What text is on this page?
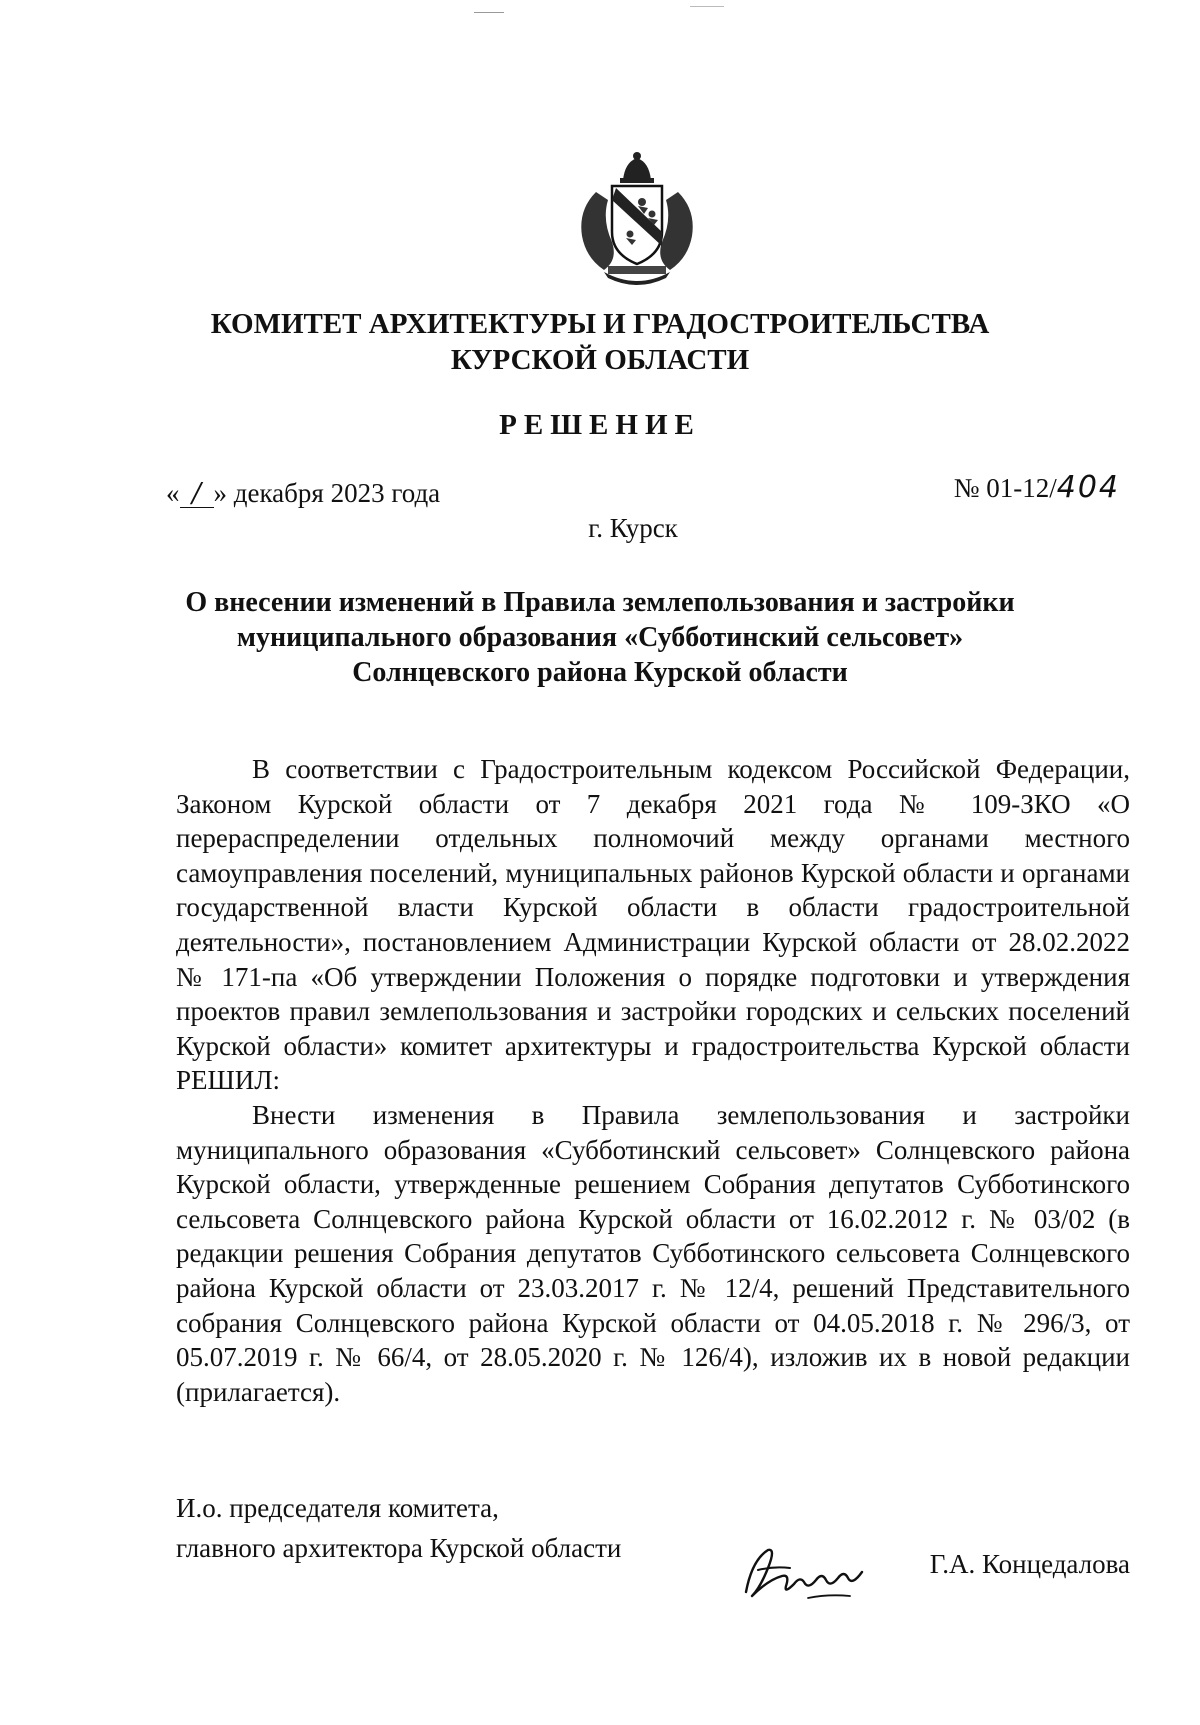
КОМИТЕТ АРХИТЕКТУРЫ И ГРАДОСТРОИТЕЛЬСТВА
КУРСКОЙ ОБЛАСТИ
РЕШЕНИЕ
« / » декабря 2023 года	№ 01-12/404
г. Курск
О внесении изменений в Правила землепользования и застройки
муниципального образования «Субботинский сельсовет»
Солнцевского района Курской области

В соответствии с Градостроительным кодексом Российской Федерации, Законом Курской области от 7 декабря 2021 года № 109-ЗКО «О перераспределении отдельных полномочий между органами местного самоуправления поселений, муниципальных районов Курской области и органами государственной власти Курской области в области градостроительной деятельности», постановлением Администрации Курской области от 28.02.2022 № 171-па «Об утверждении Положения о порядке подготовки и утверждения проектов правил землепользования и застройки городских и сельских поселений Курской области» комитет архитектуры и градостроительства Курской области РЕШИЛ:

Внести изменения в Правила землепользования и застройки муниципального образования «Субботинский сельсовет» Солнцевского района Курской области, утвержденные решением Собрания депутатов Субботинского сельсовета Солнцевского района Курской области от 16.02.2012 г. № 03/02 (в редакции решения Собрания депутатов Субботинского сельсовета Солнцевского района Курской области от 23.03.2017 г. № 12/4, решений Представительного собрания Солнцевского района Курской области от 04.05.2018 г. № 296/3, от 05.07.2019 г. № 66/4, от 28.05.2020 г. № 126/4), изложив их в новой редакции (прилагается).

И.о. председателя комитета,
главного архитектора Курской области
Г.А. Концедалова
